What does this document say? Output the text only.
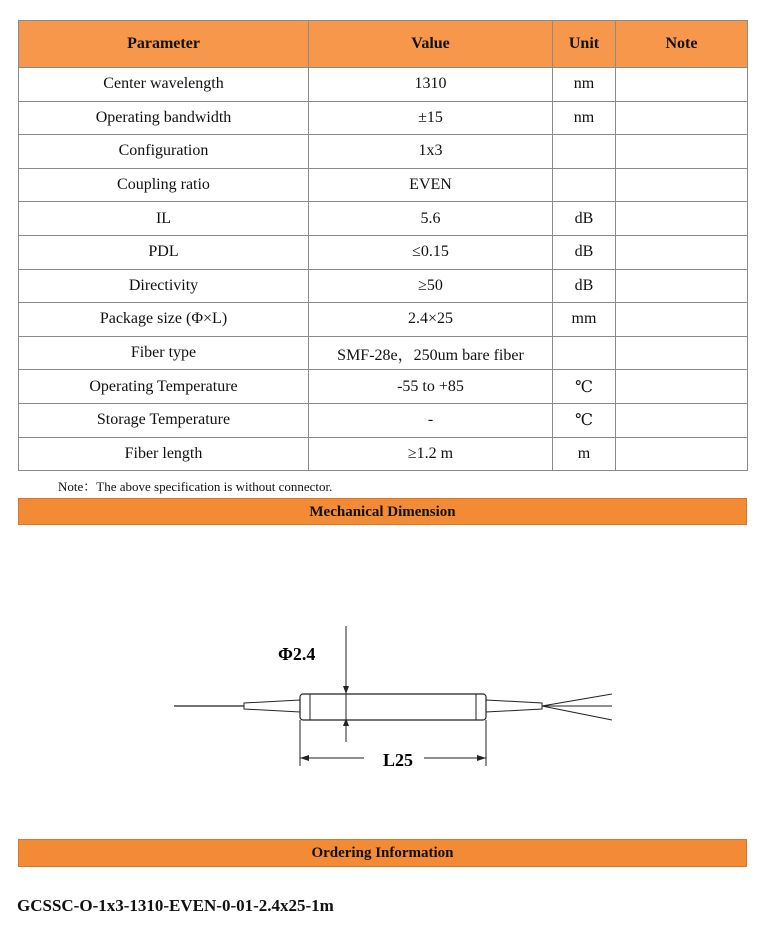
Parameter	Value	Unit	Note
Center wavelength	1310	nm	
Operating bandwidth	±15	nm	
Configuration	1x3		
Coupling ratio	EVEN		
IL	5.6	dB	
PDL	≤0.15	dB	
Directivity	≥50	dB	
Package size (Φ×L)	2.4×25	mm	
Fiber type	SMF-28e，250um bare fiber		
Operating Temperature	-55 to +85	℃	
Storage Temperature	-	℃	
Fiber length	≥1.2 m	m	
Note：The above specification is without connector.
Mechanical Dimension
Φ2.4
L25
Ordering Information
GCSSC-O-1x3-1310-EVEN-0-01-2.4x25-1m
